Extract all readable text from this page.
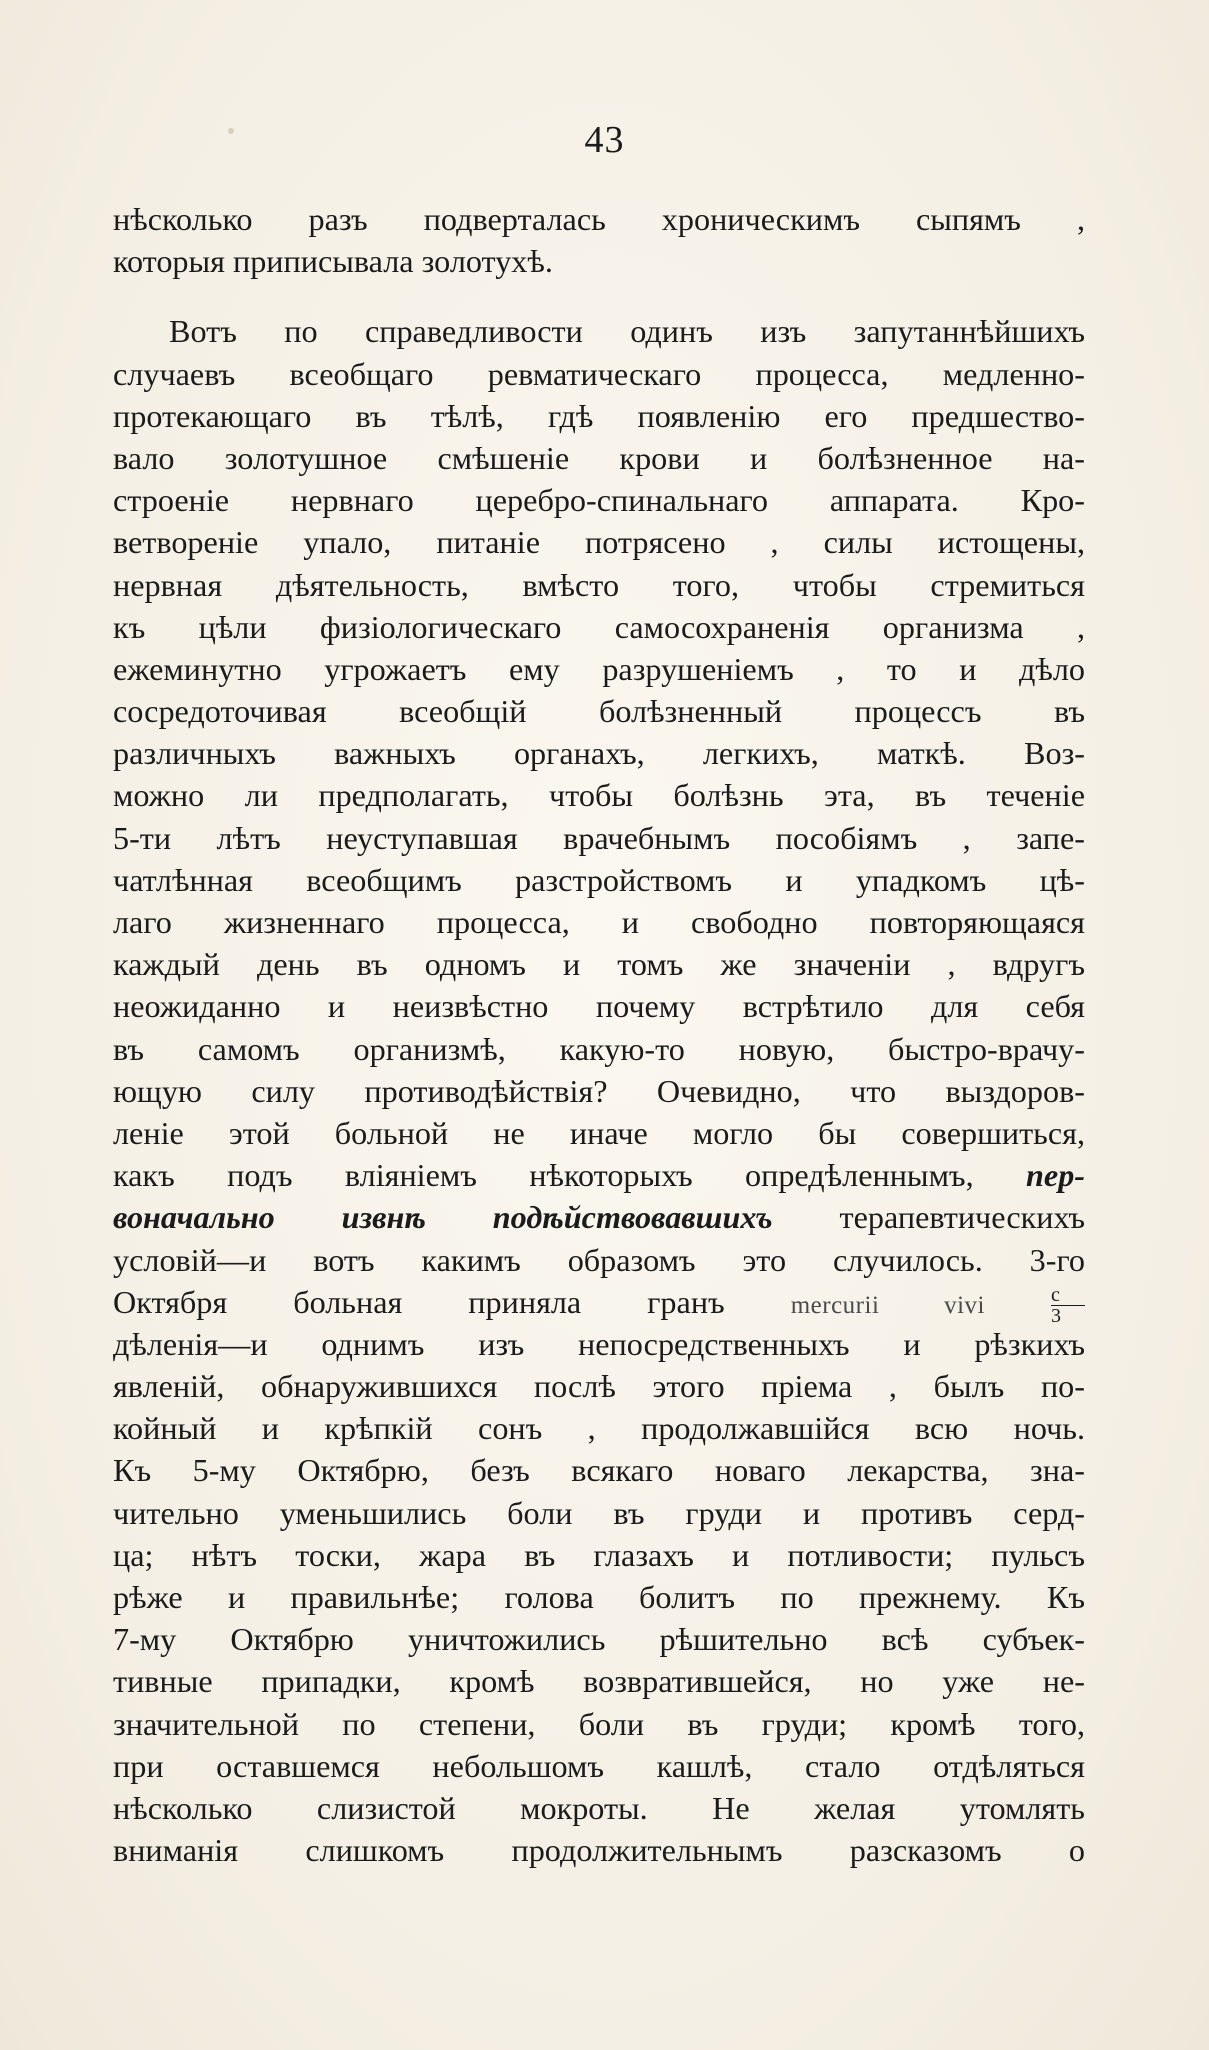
43
нѣсколько разъ подверталась хроническимъ сыпямъ ,
которыя приписывала золотухѣ.
Вотъ по справедливости одинъ изъ запутаннѣйшихъ
случаевъ всеобщаго ревматическаго процесса, медленно-
протекающаго въ тѣлѣ, гдѣ появленію его предшество-
вало золотушное смѣшеніе крови и болѣзненное на-
строеніе нервнаго церебро-спинальнаго аппарата. Кро-
ветвореніе упало, питаніе потрясено , силы истощены,
нервная дѣятельность, вмѣсто того, чтобы стремиться
къ цѣли физіологическаго самосохраненія организма ,
ежеминутно угрожаетъ ему разрушеніемъ , то и дѣло
сосредоточивая всеобщій болѣзненный процессъ въ
различныхъ важныхъ органахъ, легкихъ, маткѣ. Воз-
можно ли предполагать, чтобы болѣзнь эта, въ теченіе
5-ти лѣтъ неуступавшая врачебнымъ пособіямъ , запе-
чатлѣнная всеобщимъ разстройствомъ и упадкомъ цѣ-
лаго жизненнаго процесса, и свободно повторяющаяся
каждый день въ одномъ и томъ же значеніи , вдругъ
неожиданно и неизвѣстно почему встрѣтило для себя
въ самомъ организмѣ, какую-то новую, быстро-врачу-
ющую силу противодѣйствія? Очевидно, что выздоров-
леніе этой больной не иначе могло бы совершиться,
какъ подъ вліяніемъ нѣкоторыхъ опредѣленнымъ, пер-
воначально извнѣ подѣйствовавшихъ терапевтическихъ
условій—и вотъ какимъ образомъ это случилось. 3-го
Октября больная приняла гранъ	mercurii vivi	$\frac{c}{3}$
дѣленія—и однимъ изъ непосредственныхъ и рѣзкихъ
явленій, обнаружившихся послѣ этого пріема , былъ по-
койный и крѣпкій сонъ , продолжавшійся всю ночь.
Къ 5-му Октябрю, безъ всякаго новаго лекарства, зна-
чительно уменьшились боли въ груди и противъ серд-
ца; нѣтъ тоски, жара въ глазахъ и потливости; пульсъ
рѣже и правильнѣе; голова болитъ по прежнему. Къ
7-му Октябрю уничтожились рѣшительно всѣ субъек-
тивные припадки, кромѣ возвратившейся, но уже не-
значительной по степени, боли въ груди; кромѣ того,
при оставшемся небольшомъ кашлѣ, стало отдѣляться
нѣсколько слизистой мокроты. Не желая утомлять
вниманія слишкомъ продолжительнымъ разсказомъ о
